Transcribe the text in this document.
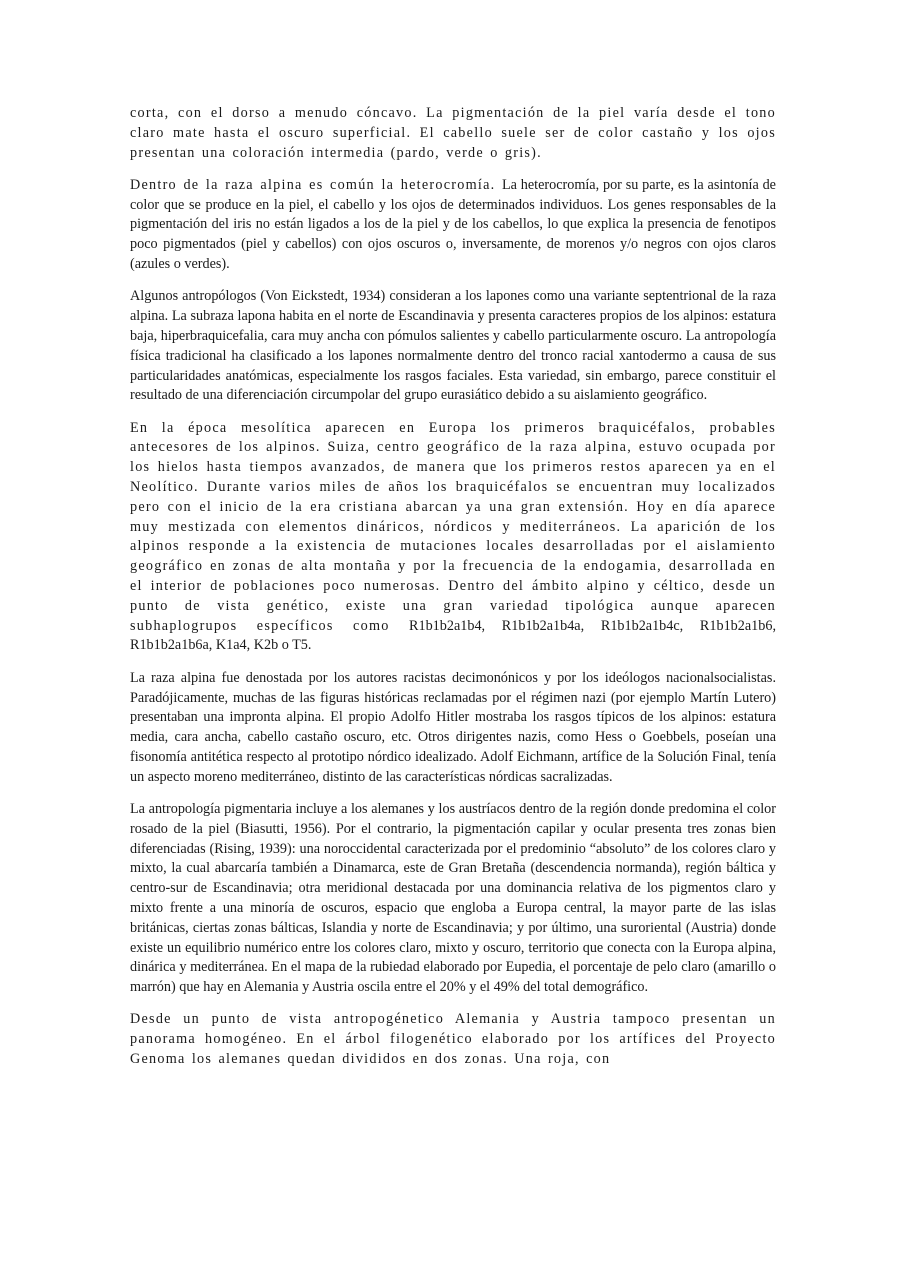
corta, con el dorso a menudo cóncavo. La pigmentación de la piel varía desde el tono claro mate hasta el oscuro superficial. El cabello suele ser de color castaño y los ojos presentan una coloración intermedia (pardo, verde o gris).

Dentro de la raza alpina es común la heterocromía. La heterocromía, por su parte, es la asintonía de color que se produce en la piel, el cabello y los ojos de determinados individuos. Los genes responsables de la pigmentación del iris no están ligados a los de la piel y de los cabellos, lo que explica la presencia de fenotipos poco pigmentados (piel y cabellos) con ojos oscuros o, inversamente, de morenos y/o negros con ojos claros (azules o verdes).

Algunos antropólogos (Von Eickstedt, 1934) consideran a los lapones como una variante septentrional de la raza alpina. La subraza lapona habita en el norte de Escandinavia y presenta caracteres propios de los alpinos: estatura baja, hiperbraquicefalia, cara muy ancha con pómulos salientes y cabello particularmente oscuro. La antropología física tradicional ha clasificado a los lapones normalmente dentro del tronco racial xantodermo a causa de sus particularidades anatómicas, especialmente los rasgos faciales. Esta variedad, sin embargo, parece constituir el resultado de una diferenciación circumpolar del grupo eurasiático debido a su aislamiento geográfico.

En la época mesolítica aparecen en Europa los primeros braquicéfalos, probables antecesores de los alpinos. Suiza, centro geográfico de la raza alpina, estuvo ocupada por los hielos hasta tiempos avanzados, de manera que los primeros restos aparecen ya en el Neolítico. Durante varios miles de años los braquicéfalos se encuentran muy localizados pero con el inicio de la era cristiana abarcan ya una gran extensión. Hoy en día aparece muy mestizada con elementos dináricos, nórdicos y mediterráneos. La aparición de los alpinos responde a la existencia de mutaciones locales desarrolladas por el aislamiento geográfico en zonas de alta montaña y por la frecuencia de la endogamia, desarrollada en el interior de poblaciones poco numerosas. Dentro del ámbito alpino y céltico, desde un punto de vista genético, existe una gran variedad tipológica aunque aparecen subhaplogrupos específicos como R1b1b2a1b4, R1b1b2a1b4a, R1b1b2a1b4c, R1b1b2a1b6, R1b1b2a1b6a, K1a4, K2b o T5.

La raza alpina fue denostada por los autores racistas decimonónicos y por los ideólogos nacionalsocialistas. Paradójicamente, muchas de las figuras históricas reclamadas por el régimen nazi (por ejemplo Martín Lutero) presentaban una impronta alpina. El propio Adolfo Hitler mostraba los rasgos típicos de los alpinos: estatura media, cara ancha, cabello castaño oscuro, etc. Otros dirigentes nazis, como Hess o Goebbels, poseían una fisonomía antitética respecto al prototipo nórdico idealizado. Adolf Eichmann, artífice de la Solución Final, tenía un aspecto moreno mediterráneo, distinto de las características nórdicas sacralizadas.

La antropología pigmentaria incluye a los alemanes y los austríacos dentro de la región donde predomina el color rosado de la piel (Biasutti, 1956). Por el contrario, la pigmentación capilar y ocular presenta tres zonas bien diferenciadas (Rising, 1939): una noroccidental caracterizada por el predominio “absoluto” de los colores claro y mixto, la cual abarcaría también a Dinamarca, este de Gran Bretaña (descendencia normanda), región báltica y centro-sur de Escandinavia; otra meridional destacada por una dominancia relativa de los pigmentos claro y mixto frente a una minoría de oscuros, espacio que engloba a Europa central, la mayor parte de las islas británicas, ciertas zonas bálticas, Islandia y norte de Escandinavia; y por último, una suroriental (Austria) donde existe un equilibrio numérico entre los colores claro, mixto y oscuro, territorio que conecta con la Europa alpina, dinárica y mediterránea. En el mapa de la rubiedad elaborado por Eupedia, el porcentaje de pelo claro (amarillo o marrón) que hay en Alemania y Austria oscila entre el 20% y el 49% del total demográfico.

Desde un punto de vista antropogénetico Alemania y Austria tampoco presentan un panorama homogéneo. En el árbol filogenético elaborado por los artífices del Proyecto Genoma los alemanes quedan divididos en dos zonas. Una roja, con
